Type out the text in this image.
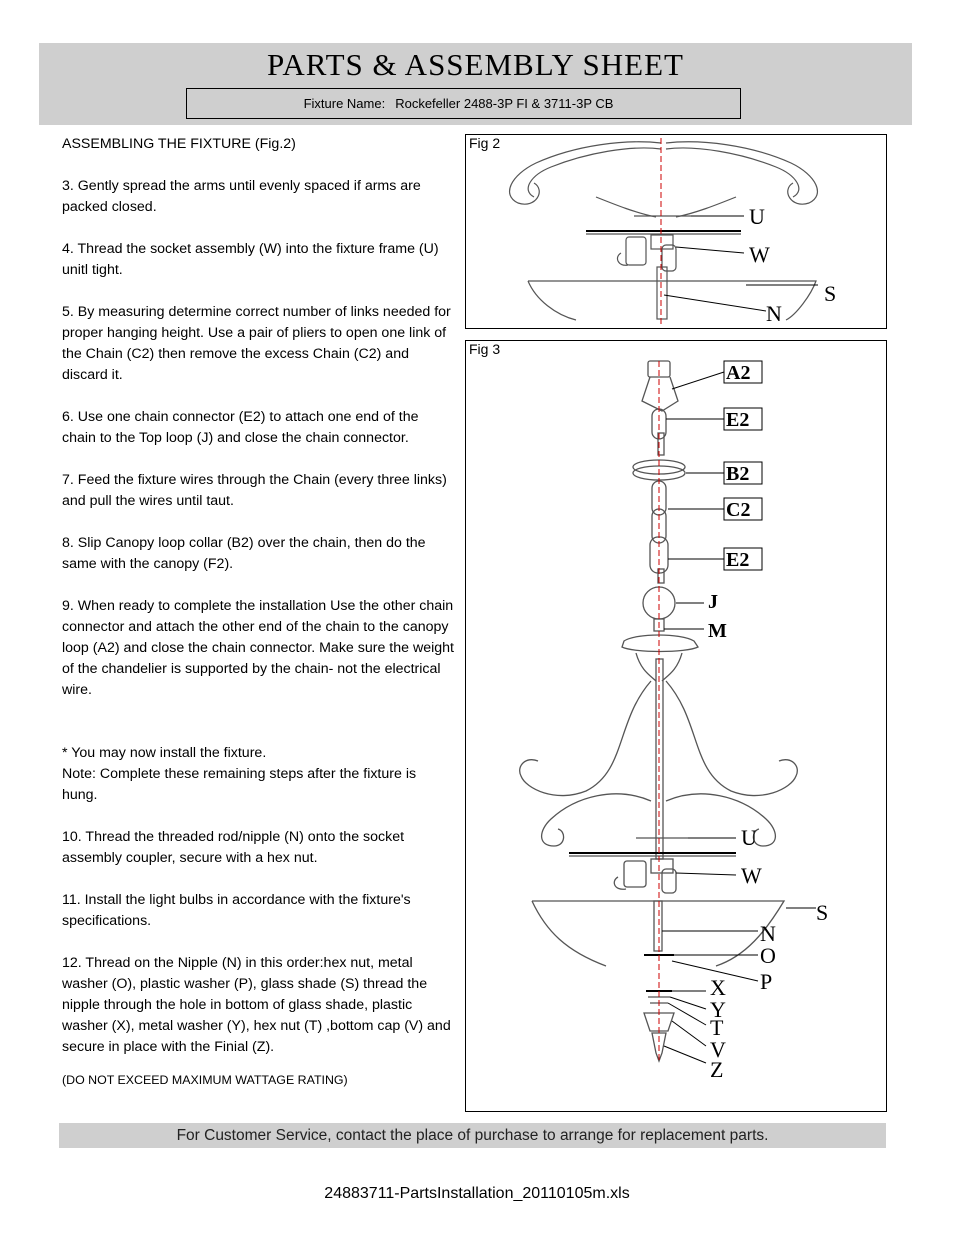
PARTS & ASSEMBLY SHEET
Fixture Name: Rockefeller 2488-3P FI & 3711-3P CB

ASSEMBLING THE FIXTURE (Fig.2)

3. Gently spread the arms until evenly spaced if arms are packed closed.

4. Thread the socket assembly (W) into the fixture frame (U) unitl tight.

5. By measuring determine correct number of links needed for proper hanging height. Use a pair of pliers to open one link of the Chain (C2) then remove the excess Chain (C2) and discard it.

6. Use one chain connector (E2) to attach one end of the chain to the Top loop (J) and close the chain connector.

7. Feed the fixture wires through the Chain (every three links) and pull the wires until taut.

8. Slip Canopy loop collar (B2) over the chain, then do the same with the canopy (F2).

9. When ready to complete the installation Use the other chain connector and attach the other end of the chain to the canopy loop (A2) and close the chain connector. Make sure the weight of the chandelier is supported by the chain- not the electrical wire.

* You may now install the fixture.

Note: Complete these remaining steps after the fixture is hung.

10. Thread the threaded rod/nipple (N) onto the socket assembly coupler, secure with a hex nut.

11. Install the light bulbs in accordance with the fixture's specifications.

12. Thread on the Nipple (N) in this order:hex nut, metal washer (O), plastic washer (P), glass shade (S) thread the nipple through the hole in bottom of glass shade, plastic washer (X), metal washer (Y), hex nut (T) ,bottom cap (V) and secure in place with the Finial (Z).

(DO NOT EXCEED MAXIMUM WATTAGE RATING)

Fig 2
U
W
S
N
Fig 3
A2
E2
B2
C2
E2
J
M
U
W
S
N
O
P
X
Y
T
V
Z
For Customer Service, contact the place of purchase to arrange for replacement parts.
24883711-PartsInstallation_20110105m.xls
